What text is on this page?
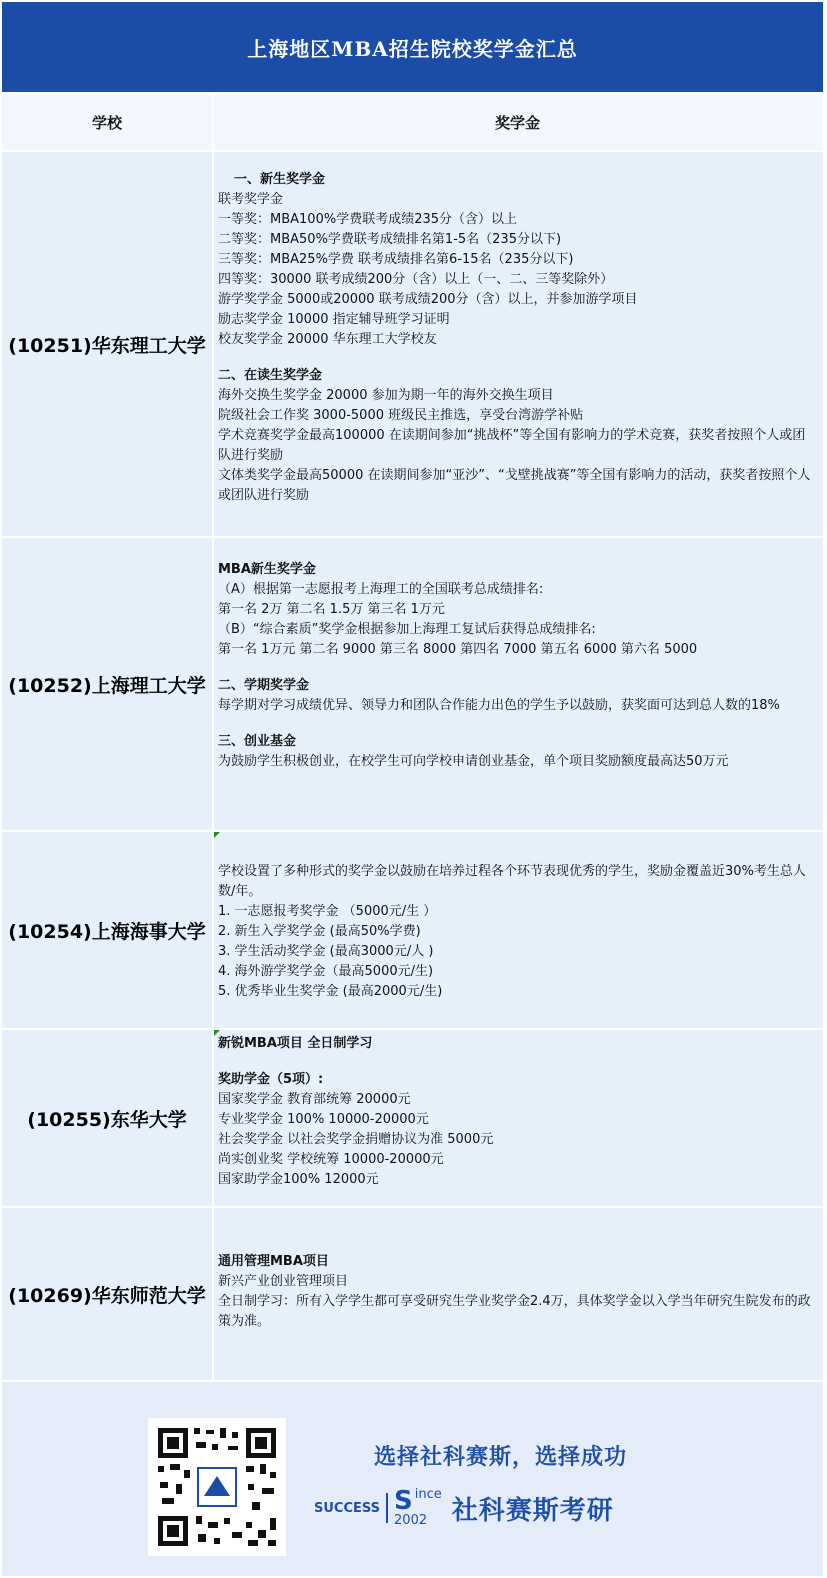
上海地区MBA招生院校奖学金汇总
学校	奖学金
(10251)华东理工大学
一、新生奖学金
联考奖学金
一等奖：MBA100%学费联考成绩235分（含）以上
二等奖：MBA50%学费联考成绩排名第1-5名（235分以下)
三等奖：MBA25%学费 联考成绩排名第6-15名（235分以下)
四等奖：30000 联考成绩200分（含）以上（一、二、三等奖除外）
游学奖学金 5000或20000 联考成绩200分（含）以上，并参加游学项目
励志奖学金 10000 指定辅导班学习证明
校友奖学金 20000 华东理工大学校友
二、在读生奖学金
海外交换生奖学金 20000 参加为期一年的海外交换生项目
院级社会工作奖 3000-5000 班级民主推选，享受台湾游学补贴
学术竞赛奖学金最高100000 在读期间参加“挑战杯”等全国有影响力的学术竞赛，获奖者按照个人或团队进行奖励
文体类奖学金最高50000 在读期间参加“亚沙”、“戈壁挑战赛”等全国有影响力的活动，获奖者按照个人或团队进行奖励
(10252)上海理工大学
MBA新生奖学金
（A）根据第一志愿报考上海理工的全国联考总成绩排名:
第一名 2万 第二名 1.5万 第三名 1万元
（B）“综合素质”奖学金根据参加上海理工复试后获得总成绩排名:
第一名 1万元 第二名 9000 第三名 8000 第四名 7000 第五名 6000 第六名 5000
二、学期奖学金
每学期对学习成绩优异、领导力和团队合作能力出色的学生予以鼓励，获奖面可达到总人数的18%
三、创业基金
为鼓励学生积极创业，在校学生可向学校申请创业基金，单个项目奖励额度最高达50万元
(10254)上海海事大学
学校设置了多种形式的奖学金以鼓励在培养过程各个环节表现优秀的学生，奖励金覆盖近30%考生总人数/年。
1. 一志愿报考奖学金 （5000元/生 ）
2. 新生入学奖学金 (最高50%学费)
3. 学生活动奖学金 (最高3000元/人 )
4. 海外游学奖学金（最高5000元/生)
5. 优秀毕业生奖学金 (最高2000元/生)
(10255)东华大学
新锐MBA项目 全日制学习
奖助学金（5项）:
国家奖学金 教育部统筹 20000元
专业奖学金 100% 10000-20000元
社会奖学金 以社会奖学金捐赠协议为准 5000元
尚实创业奖 学校统筹 10000-20000元
国家助学金100% 12000元
(10269)华东师范大学
通用管理MBA项目
新兴产业创业管理项目
全日制学习：所有入学学生都可享受研究生学业奖学金2.4万，具体奖学金以入学当年研究生院发布的政策为准。
选择社科赛斯，选择成功
SUCCESS S ince
2002 社科赛斯考研
